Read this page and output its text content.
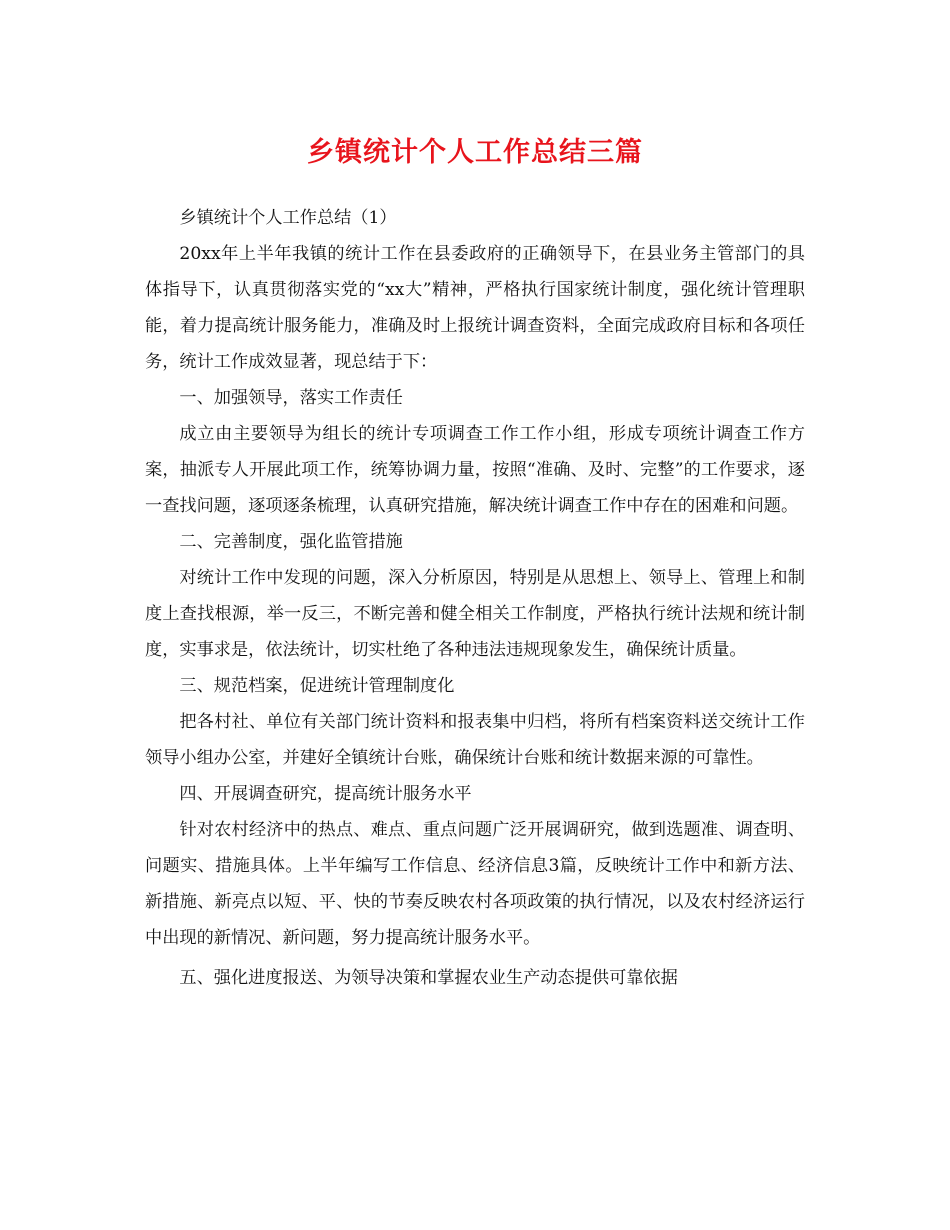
乡镇统计个人工作总结三篇

乡镇统计个人工作总结（1）

20xx年上半年我镇的统计工作在县委政府的正确领导下，在县业务主管部门的具体指导下，认真贯彻落实党的“xx大”精神，严格执行国家统计制度，强化统计管理职能，着力提高统计服务能力，准确及时上报统计调查资料，全面完成政府目标和各项任务，统计工作成效显著，现总结于下：

一、加强领导，落实工作责任

成立由主要领导为组长的统计专项调查工作工作小组，形成专项统计调查工作方案，抽派专人开展此项工作，统筹协调力量，按照“准确、及时、完整”的工作要求，逐一查找问题，逐项逐条梳理，认真研究措施，解决统计调查工作中存在的困难和问题。

二、完善制度，强化监管措施

对统计工作中发现的问题，深入分析原因，特别是从思想上、领导上、管理上和制度上查找根源，举一反三，不断完善和健全相关工作制度，严格执行统计法规和统计制度，实事求是，依法统计，切实杜绝了各种违法违规现象发生，确保统计质量。

三、规范档案，促进统计管理制度化

把各村社、单位有关部门统计资料和报表集中归档，将所有档案资料送交统计工作领导小组办公室，并建好全镇统计台账，确保统计台账和统计数据来源的可靠性。

四、开展调查研究，提高统计服务水平

针对农村经济中的热点、难点、重点问题广泛开展调研究，做到选题准、调查明、问题实、措施具体。上半年编写工作信息、经济信息3篇，反映统计工作中和新方法、新措施、新亮点以短、平、快的节奏反映农村各项政策的执行情况，以及农村经济运行中出现的新情况、新问题，努力提高统计服务水平。

五、强化进度报送、为领导决策和掌握农业生产动态提供可靠依据
